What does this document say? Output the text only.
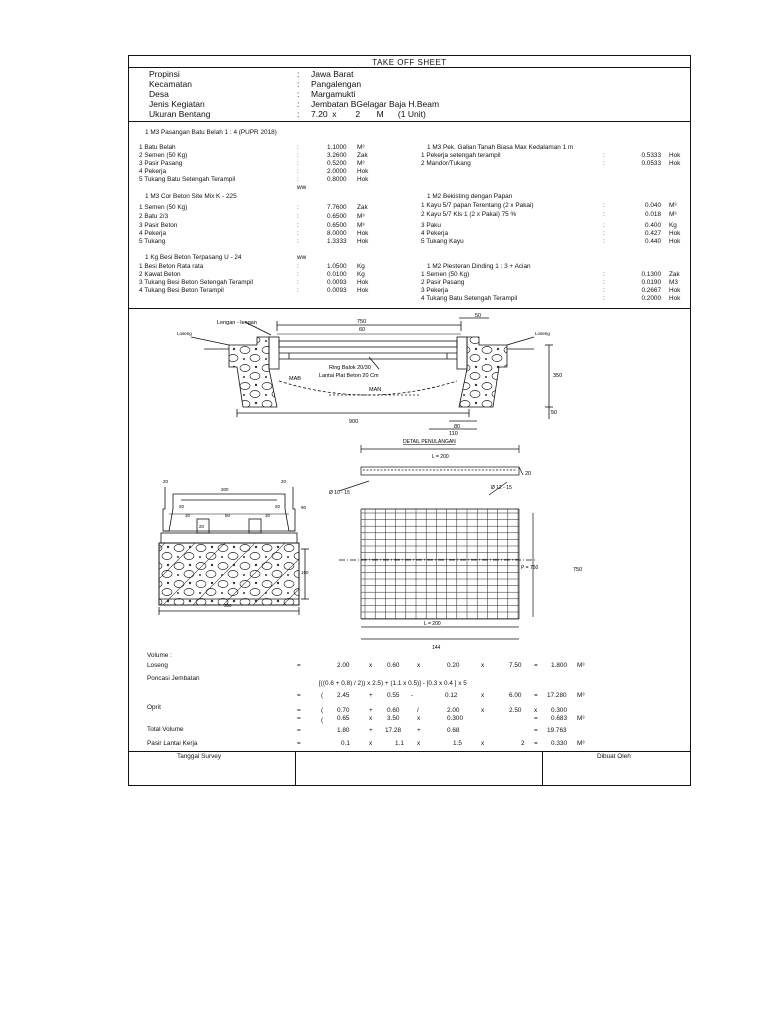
TAKE OFF SHEET
Propinsi	: Jawa Barat
Kecamatan	: Pangalengan
Desa	: Margamukti
Jenis Kegiatan	: Jembatan BGelagar Baja H.Beam
Ukuran Bentang	: 7.20  x        2       M      (1 Unit)
1 M3 Pasangan Batu Belah 1 : 4 (PUPR 2018)
1 Batu Belah	:	1.1000 M³
2 Semen (50 Kg)	:	3.2600 Zak
3 Pasir Pasang	:	0.5200 M³
4 Pekerja	:	2.0000 Hok
5 Tukang Batu Setengah Terampil	:	0.8000 Hok
ww
1 M3 Cor Beton Site Mix K - 225
1 Semen (50 Kg)	:	7.7600 Zak
2 Batu 2/3	:	0.6500 M³
3 Pasir Beton	:	0.6500 M³
4 Pekerja	:	8.0000 Hok
5 Tukang	:	1.3333 Hok
1 Kg Besi Beton Terpasang U - 24	ww
1 Besi Beton Rata rata	:	1.0500 Kg
2 Kawat Beton	:	0.0100 Kg
3 Tukang Besi Beton Setengah Terampil	:	0.0093 Hok
4 Tukang Besi Beton Terampil	:	0.0093 Hok
1 M3 Pek. Galian Tanah Biasa Max Kedalaman 1 m
1 Pekerja setengah terampil	:	0.5333 Hok
2 Mandor/Tukang	:	0.0533 Hok
1 M2 Bekisting dengan Papan
1 Kayu 5/7 papan Terentang (2 x Pakai)	:	0.040 M³
2 Kayu 5/7 Kls 1 (2 x Pakai) 75 %	:	0.018 M³
3 Paku	:	0.400 Kg
4 Pekerja	:	0.427 Hok
5 Tukang Kayu	:	0.440 Hok
1 M2 Plesteran Dinding 1 : 3 + Acian
1 Semen (50 Kg)	:	0.1300 Zak
2 Pasir Pasang	:	0.0190 M3
3 Pekerja	:	0.2667 Hok
4 Tukang Batu Setengah Terampil	:	0.2000 Hok
Lengan - lengan
Loseng	Loseng
750
60
50
350
50
Ring Balok 20/30
Lantai Plat Beton 20 Cm
MAB
MAN
900
80
110
20	20
300
20	20
30	50	30
20
90
150
300
DETAIL PENULANGAN
L = 200
20
Ø 10 - 15
Ø 12 - 15
P = 750	750
L = 200
144
Volume :
Loseng	=	2.00	x 0.60	x	0.20	x	7.50 = 1.800 M³
Poncasi Jembatan
[((0.6 + 0.8) / 2)) x 2.5) + (1.1 x 0.5)] - [0.3 x 0.4 ] x 5
=	( 2.45	+ 0.55 -	0.12	x	6.00 = 17.280 M³
Oprit	=	( 0.70	+ 0.60	/	2.00	x	2.50 x 0.300
=	( 0.65	x 3.50	x	0.300	= 0.683 M³
Total Volume	=	1.80	+ 17.28	+	0.68	= 19.763
Pasir Lantai Kerja	=	0.1	x	1.1 x	1.5	x	2 = 0.330 M³
Tanggal Survey	Dibuat Oleh
